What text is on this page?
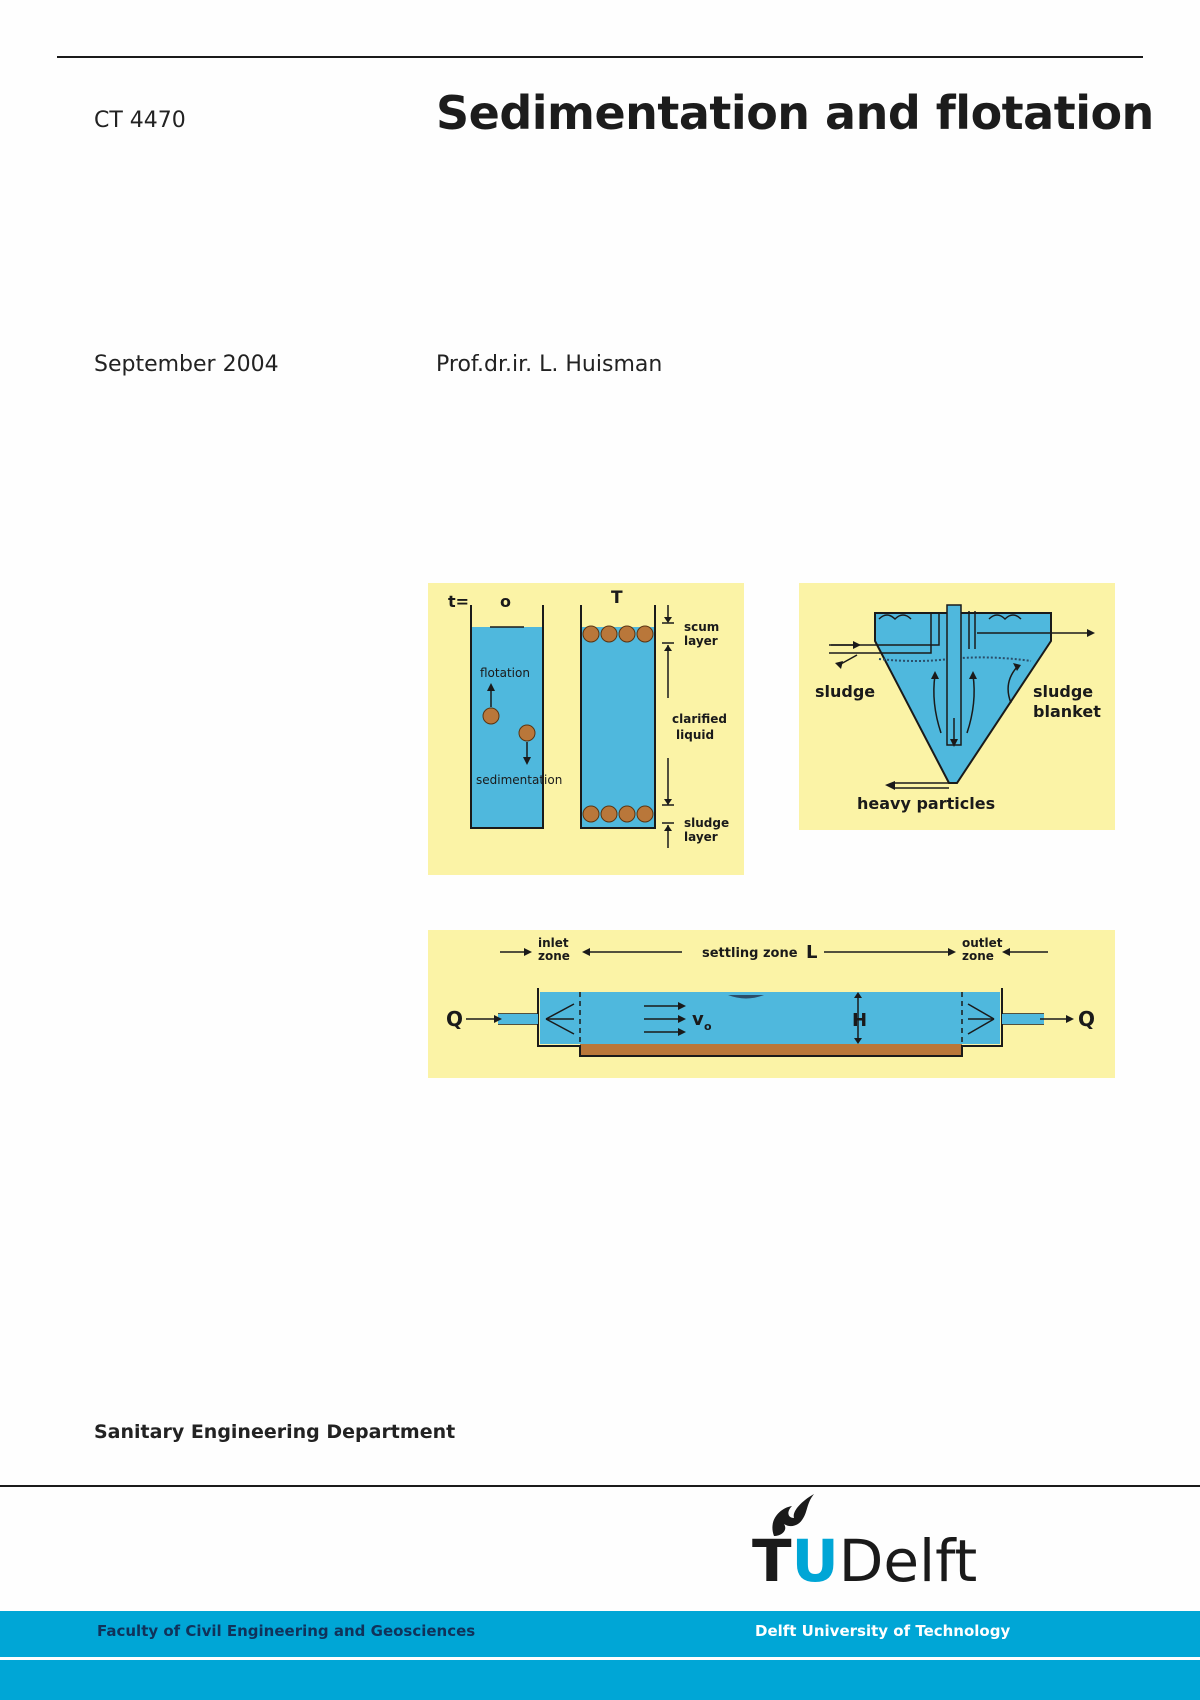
CT 4470	Sedimentation and flotation
September 2004	Prof.dr.ir. L. Huisman
t= o	T
flotation
sedimentation
scum
layer
clarified
liquid
sludge
layer
sludge	sludge
blanket
heavy particles
inlet
zone	settling zone L	outlet
zone
Q	Q
v o	H
Sanitary Engineering Department
TUDelft
Faculty of Civil Engineering and Geosciences	Delft University of Technology
